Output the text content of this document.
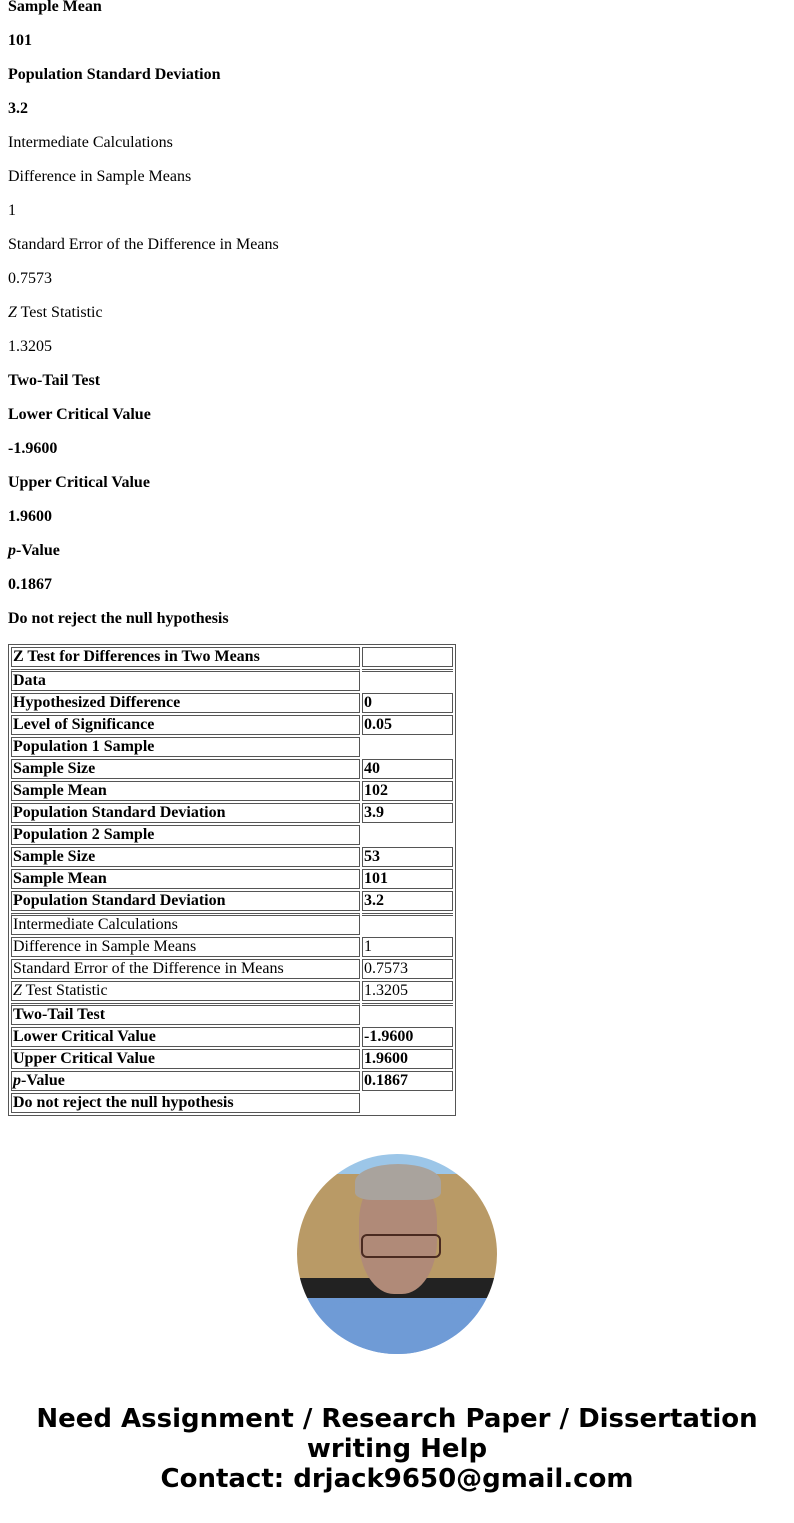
Sample Mean

101

Population Standard Deviation

3.2

Intermediate Calculations

Difference in Sample Means

1

Standard Error of the Difference in Means

0.7573

Z Test Statistic

1.3205

Two-Tail Test

Lower Critical Value

-1.9600

Upper Critical Value

1.9600

p-Value

0.1867

Do not reject the null hypothesis

Z Test for Differences in Two Means	
Data	
Hypothesized Difference	0
Level of Significance	0.05
Population 1 Sample	
Sample Size	40
Sample Mean	102
Population Standard Deviation	3.9
Population 2 Sample	
Sample Size	53
Sample Mean	101
Population Standard Deviation	3.2
Intermediate Calculations	
Difference in Sample Means	1
Standard Error of the Difference in Means	0.7573
Z Test Statistic	1.3205
Two-Tail Test	
Lower Critical Value	-1.9600
Upper Critical Value	1.9600
p-Value	0.1867
Do not reject the null hypothesis	
Need Assignment / Research Paper / Dissertation writing Help
Contact: drjack9650@gmail.com
